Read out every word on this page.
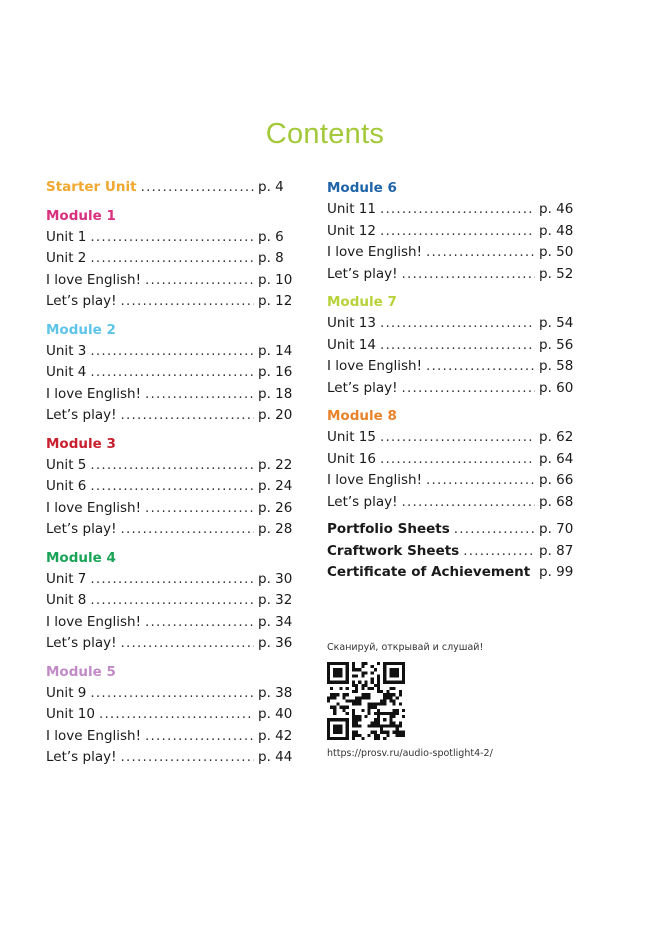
Contents
Starter Unit .....	p. 4
Module 1
Unit 1 .....	p. 6
Unit 2 .....	p. 8
I love English! .....	p. 10
Let’s play! .....	p. 12
Module 2
Unit 3 .....	p. 14
Unit 4 .....	p. 16
I love English! .....	p. 18
Let’s play! .....	p. 20
Module 3
Unit 5 .....	p. 22
Unit 6 .....	p. 24
I love English! .....	p. 26
Let’s play! .....	p. 28
Module 4
Unit 7 .....	p. 30
Unit 8 .....	p. 32
I love English! .....	p. 34
Let’s play! .....	p. 36
Module 5
Unit 9 .....	p. 38
Unit 10 .....	p. 40
I love English! .....	p. 42
Let’s play! .....	p. 44
Module 6
Unit 11 .....	p. 46
Unit 12 .....	p. 48
I love English! .....	p. 50
Let’s play! .....	p. 52
Module 7
Unit 13 .....	p. 54
Unit 14 .....	p. 56
I love English! .....	p. 58
Let’s play! .....	p. 60
Module 8
Unit 15 .....	p. 62
Unit 16 .....	p. 64
I love English! .....	p. 66
Let’s play! .....	p. 68
Portfolio Sheets .....	p. 70
Craftwork Sheets .....	p. 87
Certificate of Achievement ..... p. 99
Сканируй, открывай и слушай!
https://prosv.ru/audio-spotlight4-2/
